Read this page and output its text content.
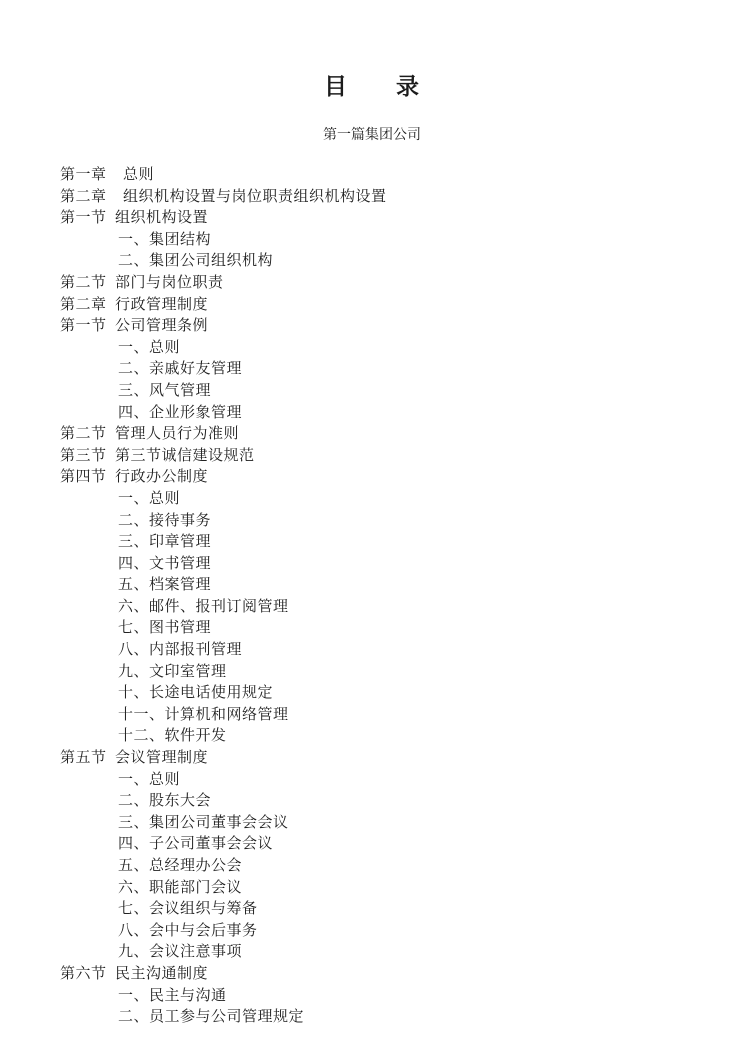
目　　录
第一篇集团公司
第一章 总则
第二章 组织机构设置与岗位职责组织机构设置
第一节 组织机构设置
一、集团结构
二、集团公司组织机构
第二节 部门与岗位职责
第二章 行政管理制度
第一节 公司管理条例
一、总则
二、亲戚好友管理
三、风气管理
四、企业形象管理
第二节 管理人员行为准则
第三节 第三节诚信建设规范
第四节 行政办公制度
一、总则
二、接待事务
三、印章管理
四、文书管理
五、档案管理
六、邮件、报刊订阅管理
七、图书管理
八、内部报刊管理
九、文印室管理
十、长途电话使用规定
十一、计算机和网络管理
十二、软件开发
第五节 会议管理制度
一、总则
二、股东大会
三、集团公司董事会会议
四、子公司董事会会议
五、总经理办公会
六、职能部门会议
七、会议组织与筹备
八、会中与会后事务
九、会议注意事项
第六节 民主沟通制度
一、民主与沟通
二、员工参与公司管理规定
